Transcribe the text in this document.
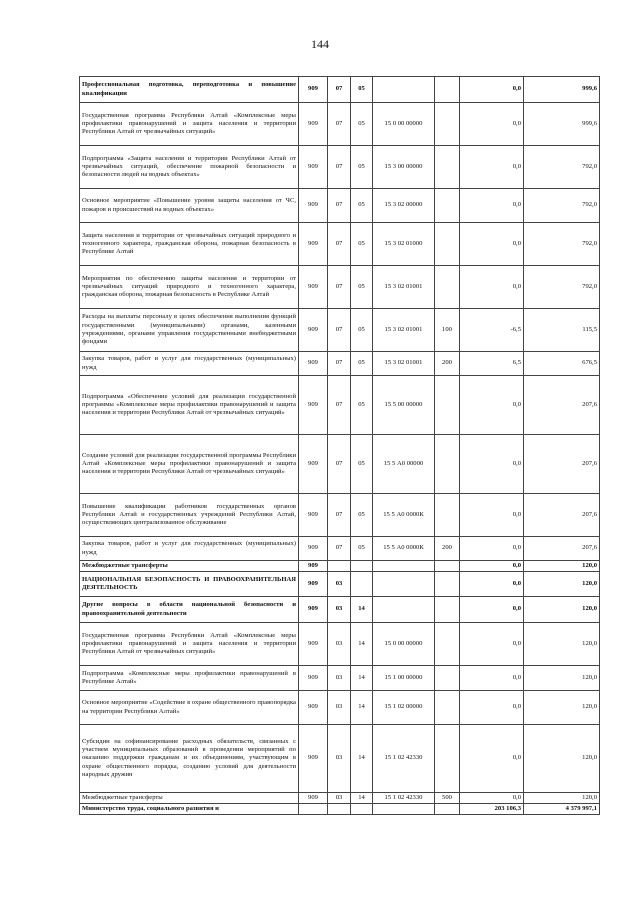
144
Профессиональная подготовка, переподготовка и повышение квалификации	909	07	05			0,0	999,6
Государственная программа Республики Алтай «Комплексные меры профилактики правонарушений и защита населения и территории Республики Алтай от чрезвычайных ситуаций»	909	07	05	15 0 00 00000		0,0	999,6
Подпрограмма «Защита населения и территории Республики Алтай от чрезвычайных ситуаций, обеспечение пожарной безопасности и безопасности людей на водных объектах»	909	07	05	15 3 00 00000		0,0	792,0
Основное мероприятие «Повышение уровня защиты населения от ЧС, пожаров и происшествий на водных объектах»	909	07	05	15 3 02 00000		0,0	792,0
Защита населения и территории от чрезвычайных ситуаций природного и техногенного характера, гражданская оборона, пожарная безопасность в Республике Алтай	909	07	05	15 3 02 01000		0,0	792,0
Мероприятия по обеспечению защиты населения и территории от чрезвычайных ситуаций природного и техногенного характера, гражданская оборона, пожарная безопасность в Республике Алтай	909	07	05	15 3 02 01001		0,0	792,0
Расходы на выплаты персоналу в целях обеспечения выполнения функций государственными (муниципальными) органами, казенными учреждениями, органами управления государственными внебюджетными фондами	909	07	05	15 3 02 01001	100	-6,5	115,5
Закупка товаров, работ и услуг для государственных (муниципальных) нужд	909	07	05	15 3 02 01001	200	6,5	676,5
Подпрограмма «Обеспечение условий для реализации государственной программы «Комплексные меры профилактики правонарушений и защита населения и территории Республики Алтай от чрезвычайных ситуаций»	909	07	05	15 5 00 00000		0,0	207,6
Создание условий для реализации государственной программы Республики Алтай «Комплексные меры профилактики правонарушений и защита населения и территории Республики Алтай от чрезвычайных ситуаций»	909	07	05	15 5 А0 00000		0,0	207,6
Повышение квалификации работников государственных органов Республики Алтай и государственных учреждений Республики Алтай, осуществляющих централизованное обслуживание	909	07	05	15 5 А0 0000К		0,0	207,6
Закупка товаров, работ и услуг для государственных (муниципальных) нужд	909	07	05	15 5 А0 0000К	200	0,0	207,6
Межбюджетные трансферты	909					0,0	120,0
НАЦИОНАЛЬНАЯ БЕЗОПАСНОСТЬ И ПРАВООХРАНИТЕЛЬНАЯ ДЕЯТЕЛЬНОСТЬ	909	03				0,0	120,0
Другие вопросы в области национальной безопасности и правоохранительной деятельности	909	03	14			0,0	120,0
Государственная программа Республики Алтай «Комплексные меры профилактики правонарушений и защита населения и территории Республики Алтай от чрезвычайных ситуаций»	909	03	14	15 0 00 00000		0,0	120,0
Подпрограмма «Комплексные меры профилактики правонарушений в Республике Алтай»	909	03	14	15 1 00 00000		0,0	120,0
Основное мероприятие «Содействие в охране общественного правопорядка на территории Республики Алтай»	909	03	14	15 1 02 00000		0,0	120,0
Субсидии на софинансирование расходных обязательств, связанных с участием муниципальных образований в проведении мероприятий по оказанию поддержки гражданам и их объединениям, участвующим в охране общественного порядка, созданию условий для деятельности народных дружин	909	03	14	15 1 02 42330		0,0	120,0
Межбюджетные трансферты	909	03	14	15 1 02 42330	500	0,0	120,0
Министерство труда, социального развития и						203 106,3	4 379 997,1
